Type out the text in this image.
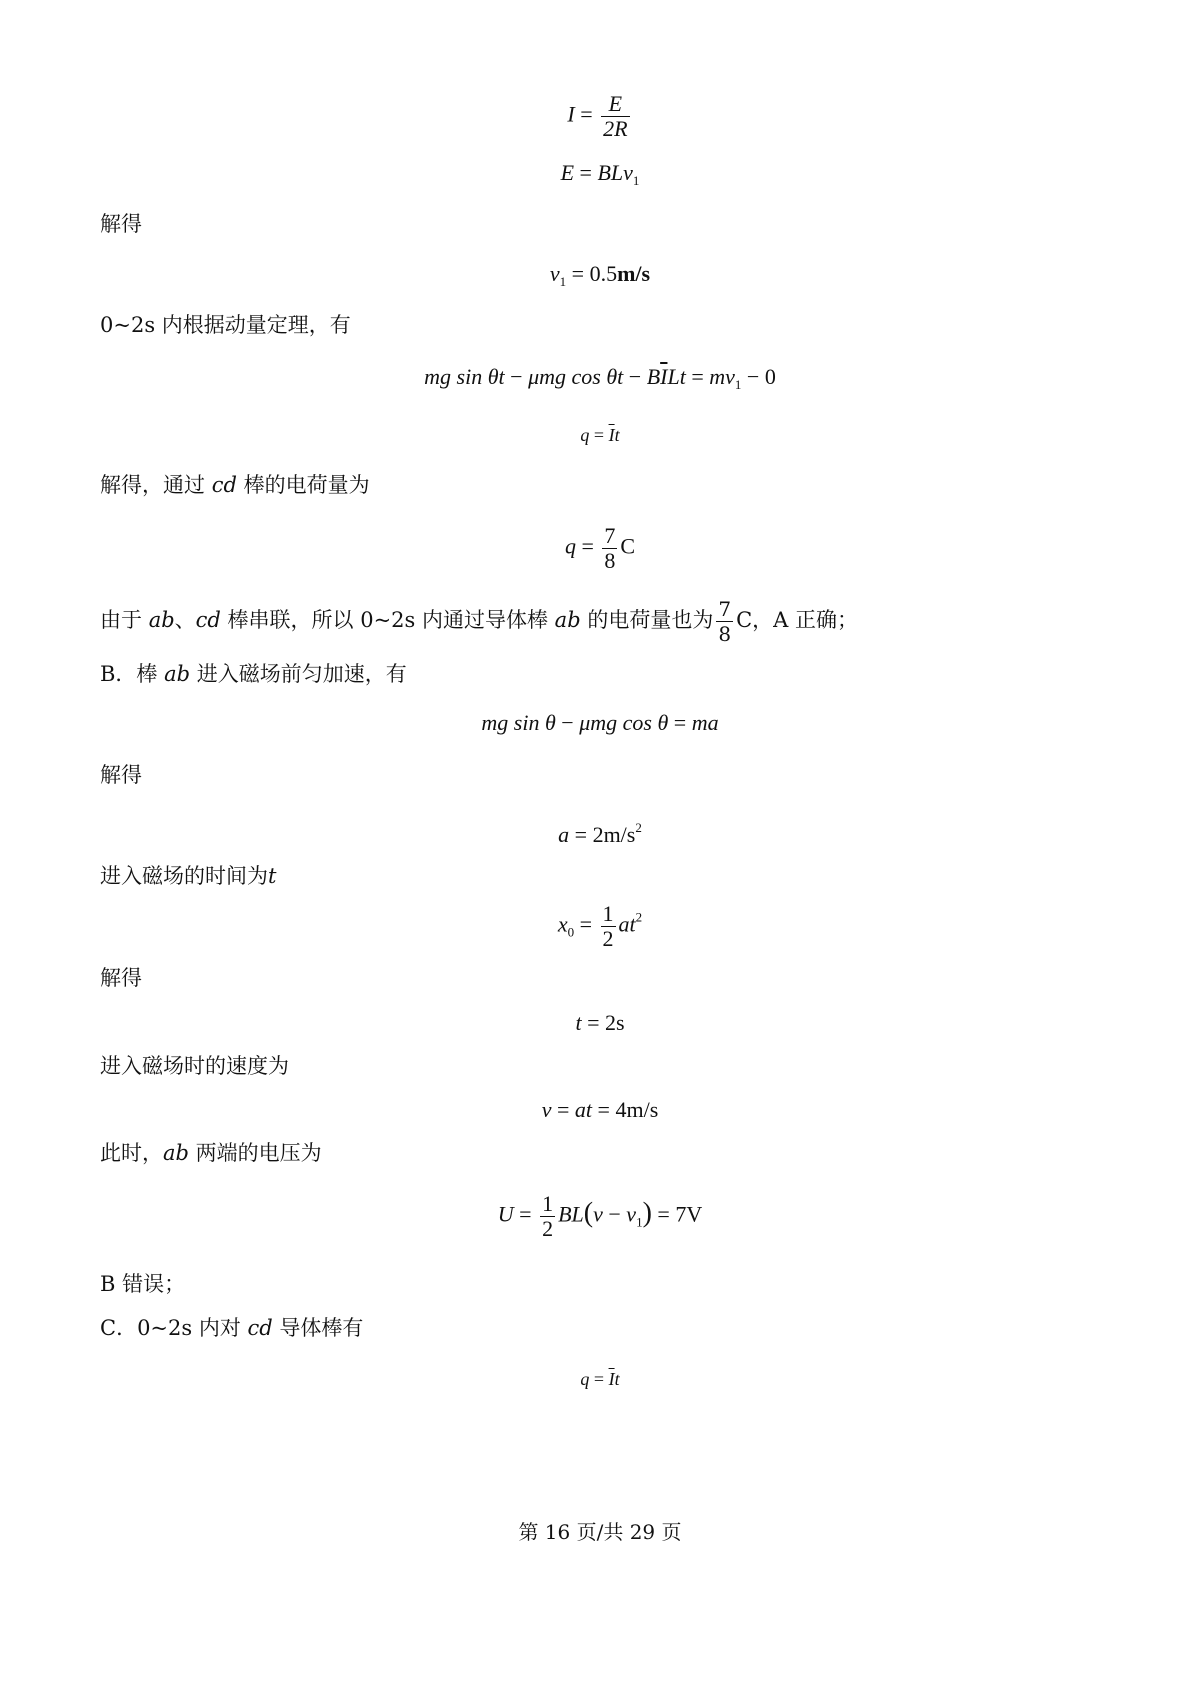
$I = \frac{E}{2R}$
E = BLv$_1$
解得
$v_1 = 0.5m/s$
0~2s 内根据动量定理，有
mg sin θt − μmg $\cos \theta t - B\overline{I}Lt = mv_1 - 0$
$q = \overline{I}t$
解得，通过 cd 棒的电荷量为
$q = \frac{7}{8}$ C
由于 ab、cd 棒串联，所以 0~2s 内通过导体棒 ab 的电荷量也为 $\frac{7}{8}$ C，A 正确；
B．棒 ab 进入磁场前匀加速，有
mg sin θ − μmg cos θ = ma
解得
$a = 2m/s^2$
进入磁场的时间为t
$x_0 = \frac{1}{2} at^2$
解得
t = 2s
进入磁场时的速度为
v = at = 4m/s
此时，ab 两端的电压为
$U = \frac{1}{2} BL(v - v_1) = 7V$
B 错误；
C．0~2s 内对 cd 导体棒有
$q = \overline{I}t$
第 16 页/共 29 页
